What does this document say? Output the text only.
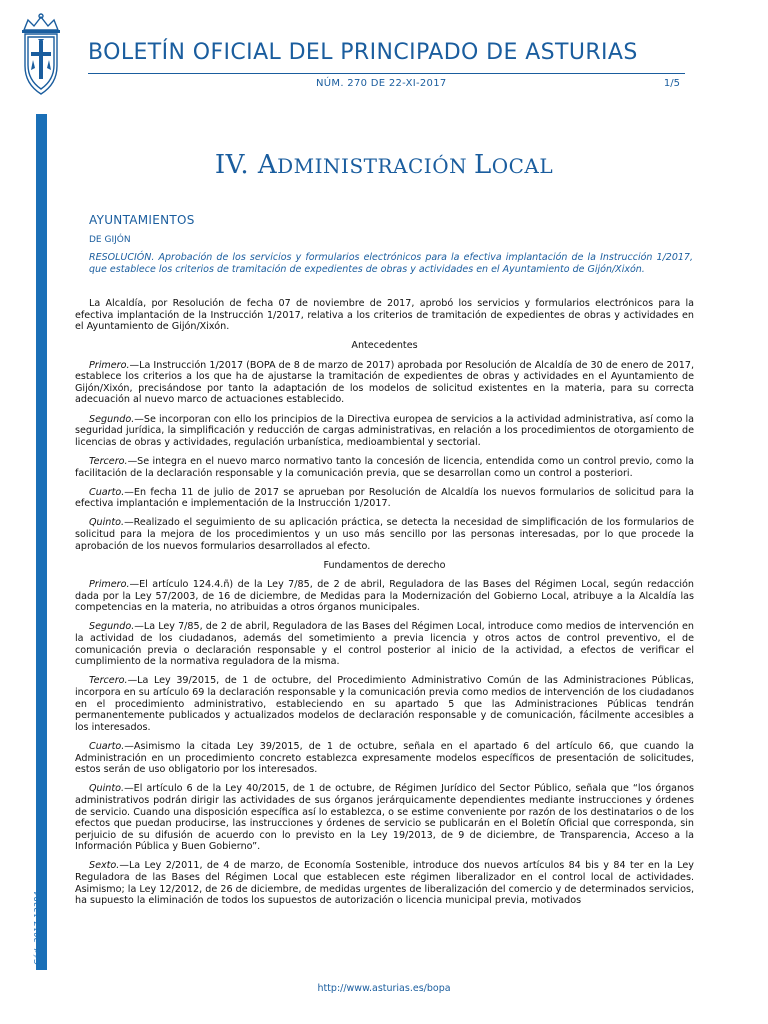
BOLETÍN OFICIAL DEL PRINCIPADO DE ASTURIAS
NÚM. 270 DE 22-XI-2017	1/5
Cód. 2017-12384
IV. ADMINISTRACIÓN LOCAL
AYUNTAMIENTOS
DE GIJÓN
RESOLUCIÓN. Aprobación de los servicios y formularios electrónicos para la efectiva implantación de la Instrucción 1/2017, que establece los criterios de tramitación de expedientes de obras y actividades en el Ayuntamiento de Gijón/Xixón.

La Alcaldía, por Resolución de fecha 07 de noviembre de 2017, aprobó los servicios y formularios electrónicos para la efectiva implantación de la Instrucción 1/2017, relativa a los criterios de tramitación de expedientes de obras y actividades en el Ayuntamiento de Gijón/Xixón.

Antecedentes

Primero.—La Instrucción 1/2017 (BOPA de 8 de marzo de 2017) aprobada por Resolución de Alcaldía de 30 de enero de 2017, establece los criterios a los que ha de ajustarse la tramitación de expedientes de obras y actividades en el Ayuntamiento de Gijón/Xixón, precisándose por tanto la adaptación de los modelos de solicitud existentes en la materia, para su correcta adecuación al nuevo marco de actuaciones establecido.

Segundo.—Se incorporan con ello los principios de la Directiva europea de servicios a la actividad administrativa, así como la seguridad jurídica, la simplificación y reducción de cargas administrativas, en relación a los procedimientos de otorgamiento de licencias de obras y actividades, regulación urbanística, medioambiental y sectorial.

Tercero.—Se integra en el nuevo marco normativo tanto la concesión de licencia, entendida como un control previo, como la facilitación de la declaración responsable y la comunicación previa, que se desarrollan como un control a posteriori.

Cuarto.—En fecha 11 de julio de 2017 se aprueban por Resolución de Alcaldía los nuevos formularios de solicitud para la efectiva implantación e implementación de la Instrucción 1/2017.

Quinto.—Realizado el seguimiento de su aplicación práctica, se detecta la necesidad de simplificación de los formularios de solicitud para la mejora de los procedimientos y un uso más sencillo por las personas interesadas, por lo que procede la aprobación de los nuevos formularios desarrollados al efecto.

Fundamentos de derecho

Primero.—El artículo 124.4.ñ) de la Ley 7/85, de 2 de abril, Reguladora de las Bases del Régimen Local, según redacción dada por la Ley 57/2003, de 16 de diciembre, de Medidas para la Modernización del Gobierno Local, atribuye a la Alcaldía las competencias en la materia, no atribuidas a otros órganos municipales.

Segundo.—La Ley 7/85, de 2 de abril, Reguladora de las Bases del Régimen Local, introduce como medios de intervención en la actividad de los ciudadanos, además del sometimiento a previa licencia y otros actos de control preventivo, el de comunicación previa o declaración responsable y el control posterior al inicio de la actividad, a efectos de verificar el cumplimiento de la normativa reguladora de la misma.

Tercero.—La Ley 39/2015, de 1 de octubre, del Procedimiento Administrativo Común de las Administraciones Públicas, incorpora en su artículo 69 la declaración responsable y la comunicación previa como medios de intervención de los ciudadanos en el procedimiento administrativo, estableciendo en su apartado 5 que las Administraciones Públicas tendrán permanentemente publicados y actualizados modelos de declaración responsable y de comunicación, fácilmente accesibles a los interesados.

Cuarto.—Asimismo la citada Ley 39/2015, de 1 de octubre, señala en el apartado 6 del artículo 66, que cuando la Administración en un procedimiento concreto establezca expresamente modelos específicos de presentación de solicitudes, estos serán de uso obligatorio por los interesados.

Quinto.—El artículo 6 de la Ley 40/2015, de 1 de octubre, de Régimen Jurídico del Sector Público, señala que “los órganos administrativos podrán dirigir las actividades de sus órganos jerárquicamente dependientes mediante instrucciones y órdenes de servicio. Cuando una disposición específica así lo establezca, o se estime conveniente por razón de los destinatarios o de los efectos que puedan producirse, las instrucciones y órdenes de servicio se publicarán en el Boletín Oficial que corresponda, sin perjuicio de su difusión de acuerdo con lo previsto en la Ley 19/2013, de 9 de diciembre, de Transparencia, Acceso a la Información Pública y Buen Gobierno”.

Sexto.—La Ley 2/2011, de 4 de marzo, de Economía Sostenible, introduce dos nuevos artículos 84 bis y 84 ter en la Ley Reguladora de las Bases del Régimen Local que establecen este régimen liberalizador en el control local de actividades. Asimismo; la Ley 12/2012, de 26 de diciembre, de medidas urgentes de liberalización del comercio y de determinados servicios, ha supuesto la eliminación de todos los supuestos de autorización o licencia municipal previa, motivados

http://www.asturias.es/bopa
